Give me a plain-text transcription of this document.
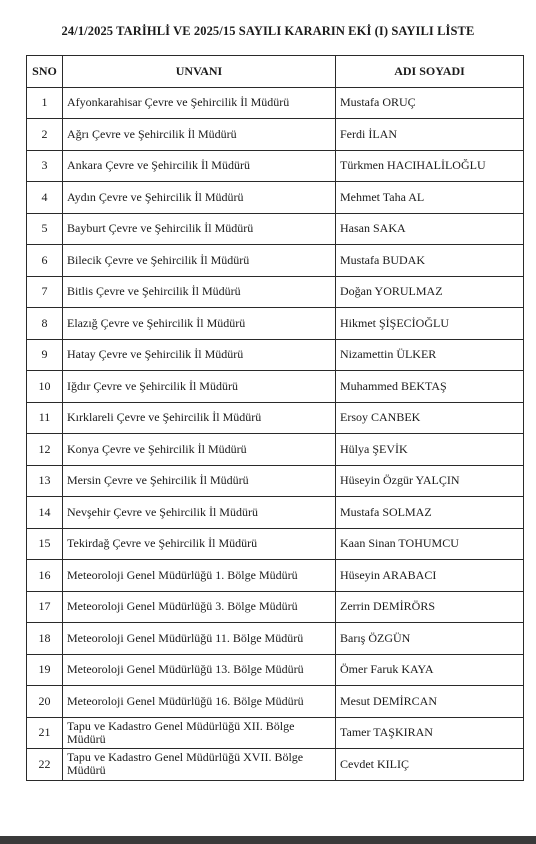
24/1/2025 TARİHLİ VE 2025/15 SAYILI KARARIN EKİ (I) SAYILI LİSTE
SNO	UNVANI	ADI SOYADI
1	Afyonkarahisar Çevre ve Şehircilik İl Müdürü	Mustafa ORUÇ
2	Ağrı Çevre ve Şehircilik İl Müdürü	Ferdi İLAN
3	Ankara Çevre ve Şehircilik İl Müdürü	Türkmen HACIHALİLOĞLU
4	Aydın Çevre ve Şehircilik İl Müdürü	Mehmet Taha AL
5	Bayburt Çevre ve Şehircilik İl Müdürü	Hasan SAKA
6	Bilecik Çevre ve Şehircilik İl Müdürü	Mustafa BUDAK
7	Bitlis Çevre ve Şehircilik İl Müdürü	Doğan YORULMAZ
8	Elazığ Çevre ve Şehircilik İl Müdürü	Hikmet ŞİŞECİOĞLU
9	Hatay Çevre ve Şehircilik İl Müdürü	Nizamettin ÜLKER
10	Iğdır Çevre ve Şehircilik İl Müdürü	Muhammed BEKTAŞ
11	Kırklareli Çevre ve Şehircilik İl Müdürü	Ersoy CANBEK
12	Konya Çevre ve Şehircilik İl Müdürü	Hülya ŞEVİK
13	Mersin Çevre ve Şehircilik İl Müdürü	Hüseyin Özgür YALÇIN
14	Nevşehir Çevre ve Şehircilik İl Müdürü	Mustafa SOLMAZ
15	Tekirdağ Çevre ve Şehircilik İl Müdürü	Kaan Sinan TOHUMCU
16	Meteoroloji Genel Müdürlüğü 1. Bölge Müdürü	Hüseyin ARABACI
17	Meteoroloji Genel Müdürlüğü 3. Bölge Müdürü	Zerrin DEMİRÖRS
18	Meteoroloji Genel Müdürlüğü 11. Bölge Müdürü	Barış ÖZGÜN
19	Meteoroloji Genel Müdürlüğü 13. Bölge Müdürü	Ömer Faruk KAYA
20	Meteoroloji Genel Müdürlüğü 16. Bölge Müdürü	Mesut DEMİRCAN
21	Tapu ve Kadastro Genel Müdürlüğü XII. Bölge Müdürü	Tamer TAŞKIRAN
22	Tapu ve Kadastro Genel Müdürlüğü XVII. Bölge Müdürü	Cevdet KILIÇ
